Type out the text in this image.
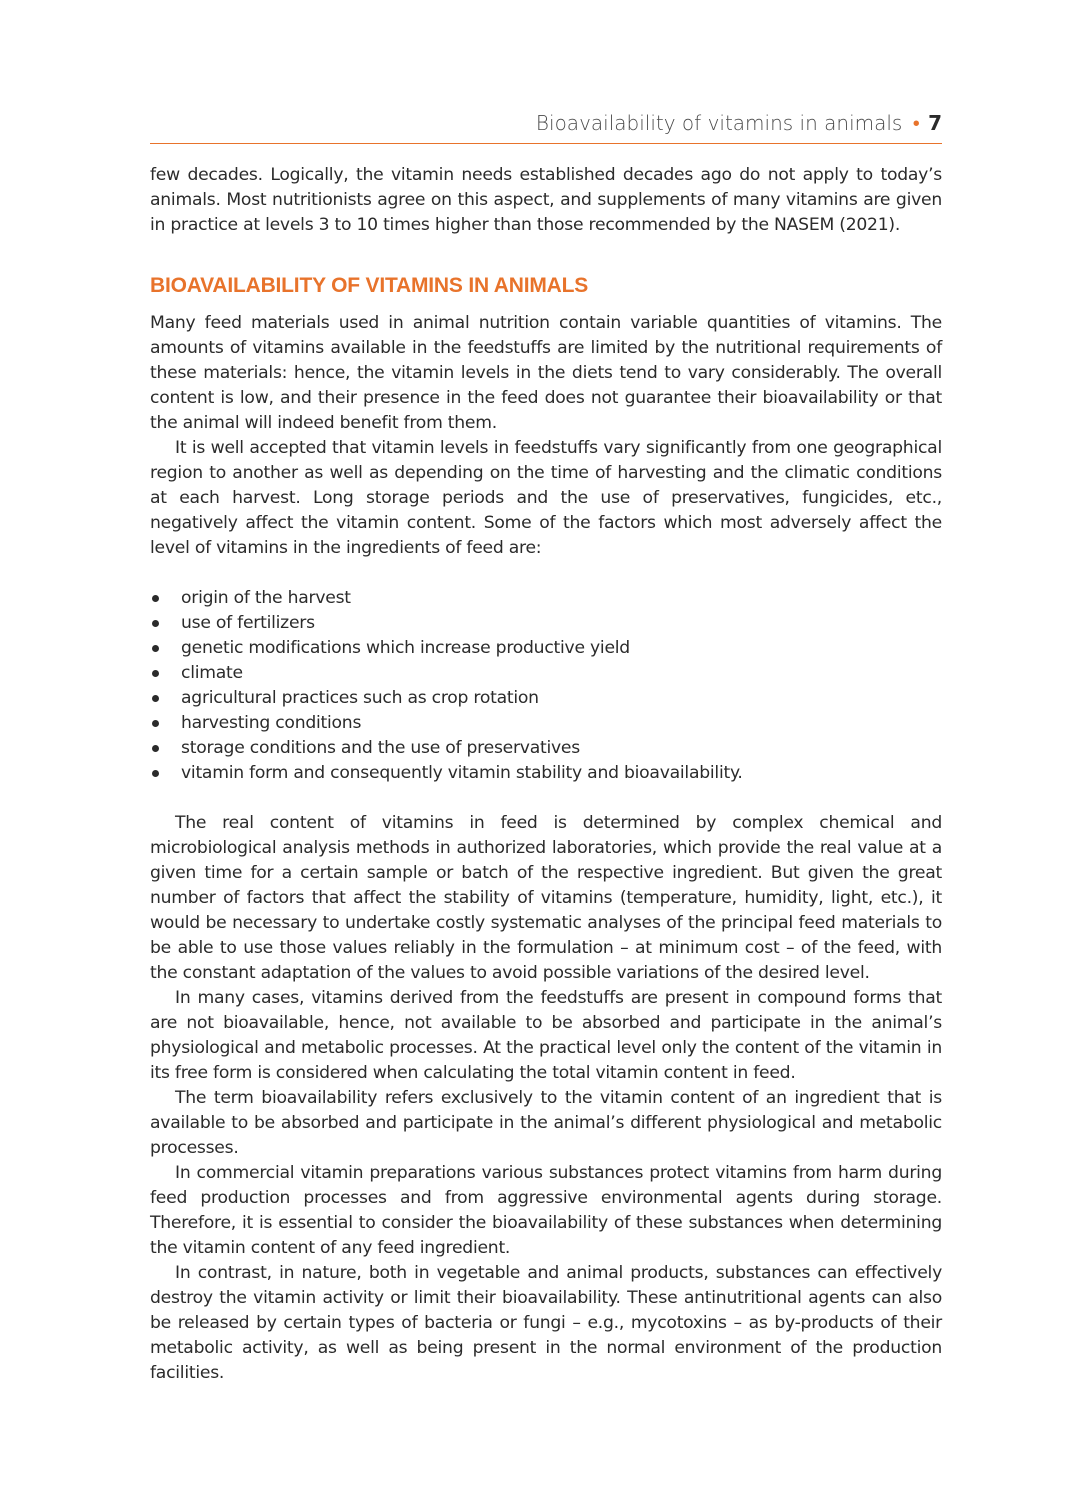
Bioavailability of vitamins in animals • 7

few decades. Logically, the vitamin needs established decades ago do not apply to today’s animals. Most nutritionists agree on this aspect, and supplements of many vitamins are given in practice at levels 3 to 10 times higher than those recommended by the NASEM (2021).

BIOAVAILABILITY OF VITAMINS IN ANIMALS

Many feed materials used in animal nutrition contain variable quantities of vitamins. The amounts of vitamins available in the feedstuffs are limited by the nutritional requirements of these materials: hence, the vitamin levels in the diets tend to vary considerably. The overall content is low, and their presence in the feed does not guarantee their bioavailability or that the animal will indeed benefit from them.

It is well accepted that vitamin levels in feedstuffs vary significantly from one geographical region to another as well as depending on the time of harvesting and the climatic conditions at each harvest. Long storage periods and the use of preservatives, fungicides, etc., negatively affect the vitamin content. Some of the factors which most adversely affect the level of vitamins in the ingredients of feed are:

origin of the harvest
use of fertilizers
genetic modifications which increase productive yield
climate
agricultural practices such as crop rotation
harvesting conditions
storage conditions and the use of preservatives
vitamin form and consequently vitamin stability and bioavailability.

The real content of vitamins in feed is determined by complex chemical and microbiological analysis methods in authorized laboratories, which provide the real value at a given time for a certain sample or batch of the respective ingredient. But given the great number of factors that affect the stability of vitamins (temperature, humidity, light, etc.), it would be necessary to undertake costly systematic analyses of the principal feed materials to be able to use those values reliably in the formulation – at minimum cost – of the feed, with the constant adaptation of the values to avoid possible variations of the desired level.

In many cases, vitamins derived from the feedstuffs are present in compound forms that are not bioavailable, hence, not available to be absorbed and participate in the animal’s physiological and metabolic processes. At the practical level only the content of the vitamin in its free form is considered when calculating the total vitamin content in feed.

The term bioavailability refers exclusively to the vitamin content of an ingredient that is available to be absorbed and participate in the animal’s different physiological and metabolic processes.

In commercial vitamin preparations various substances protect vitamins from harm during feed production processes and from aggressive environmental agents during storage. Therefore, it is essential to consider the bioavailability of these substances when determining the vitamin content of any feed ingredient.

In contrast, in nature, both in vegetable and animal products, substances can effectively destroy the vitamin activity or limit their bioavailability. These antinutritional agents can also be released by certain types of bacteria or fungi – e.g., mycotoxins – as by-products of their metabolic activity, as well as being present in the normal environment of the production facilities.
